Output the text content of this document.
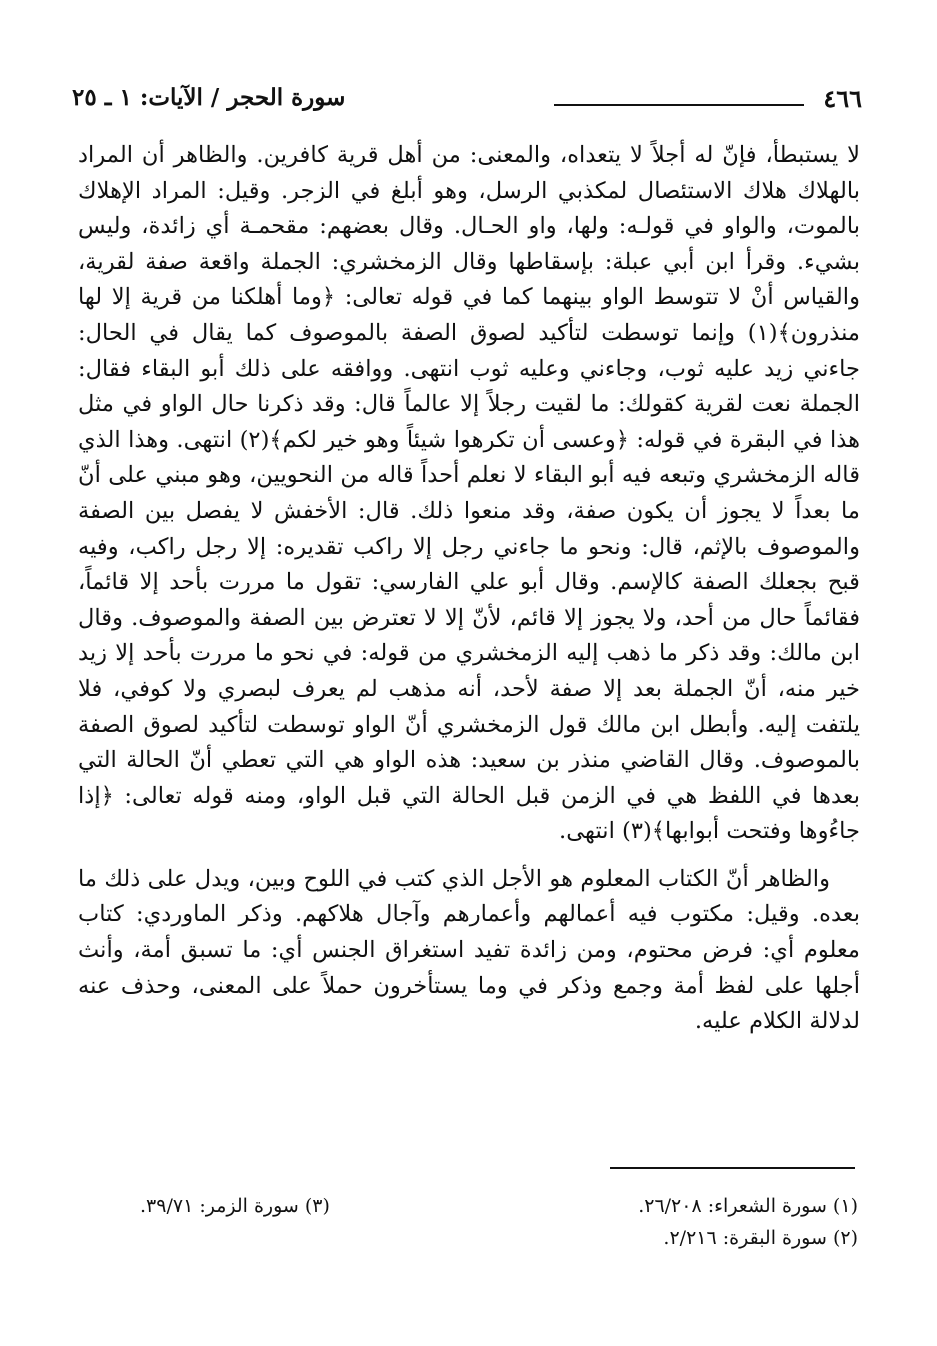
٤٦٦
سورة الحجر / الآيات: ١ ـ ٢٥

لا يستبطأ، فإنّ له أجلاً لا يتعداه، والمعنى: من أهل قرية كافرين. والظاهر أن المراد بالهلاك هلاك الاستئصال لمكذبي الرسل، وهو أبلغ في الزجر. وقيل: المراد الإهلاك بالموت، والواو في قولـه: ولها، واو الحـال. وقال بعضهم: مقحمـة أي زائدة، وليس بشيء. وقرأ ابن أبي عبلة: بإسقاطها وقال الزمخشري: الجملة واقعة صفة لقرية، والقياس أنْ لا تتوسط الواو بينهما كما في قوله تعالى: ﴿وما أهلكنا من قرية إلا لها منذرون﴾(١) وإنما توسطت لتأكيد لصوق الصفة بالموصوف كما يقال في الحال: جاءني زيد عليه ثوب، وجاءني وعليه ثوب انتهى. ووافقه على ذلك أبو البقاء فقال: الجملة نعت لقرية كقولك: ما لقيت رجلاً إلا عالماً قال: وقد ذكرنا حال الواو في مثل هذا في البقرة في قوله: ﴿وعسى أن تكرهوا شيئاً وهو خير لكم﴾(٢) انتهى. وهذا الذي قاله الزمخشري وتبعه فيه أبو البقاء لا نعلم أحداً قاله من النحويين، وهو مبني على أنّ ما بعداً لا يجوز أن يكون صفة، وقد منعوا ذلك. قال: الأخفش لا يفصل بين الصفة والموصوف بالإثم، قال: ونحو ما جاءني رجل إلا راكب تقديره: إلا رجل راكب، وفيه قبح بجعلك الصفة كالإسم. وقال أبو علي الفارسي: تقول ما مررت بأحد إلا قائماً، فقائماً حال من أحد، ولا يجوز إلا قائم، لأنّ إلا لا تعترض بين الصفة والموصوف. وقال ابن مالك: وقد ذكر ما ذهب إليه الزمخشري من قوله: في نحو ما مررت بأحد إلا زيد خير منه، أنّ الجملة بعد إلا صفة لأحد، أنه مذهب لم يعرف لبصري ولا كوفي، فلا يلتفت إليه. وأبطل ابن مالك قول الزمخشري أنّ الواو توسطت لتأكيد لصوق الصفة بالموصوف. وقال القاضي منذر بن سعيد: هذه الواو هي التي تعطي أنّ الحالة التي بعدها في اللفظ هي في الزمن قبل الحالة التي قبل الواو، ومنه قوله تعالى: ﴿إذا جاءُوها وفتحت أبوابها﴾(٣) انتهى.

والظاهر أنّ الكتاب المعلوم هو الأجل الذي كتب في اللوح وبين، ويدل على ذلك ما بعده. وقيل: مكتوب فيه أعمالهم وأعمارهم وآجال هلاكهم. وذكر الماوردي: كتاب معلوم أي: فرض محتوم، ومن زائدة تفيد استغراق الجنس أي: ما تسبق أمة، وأنث أجلها على لفظ أمة وجمع وذكر في وما يستأخرون حملاً على المعنى، وحذف عنه لدلالة الكلام عليه.

(١) سورة الشعراء: ٢٦/٢٠٨.
(٣) سورة الزمر: ٣٩/٧١.
(٢) سورة البقرة: ٢/٢١٦.
